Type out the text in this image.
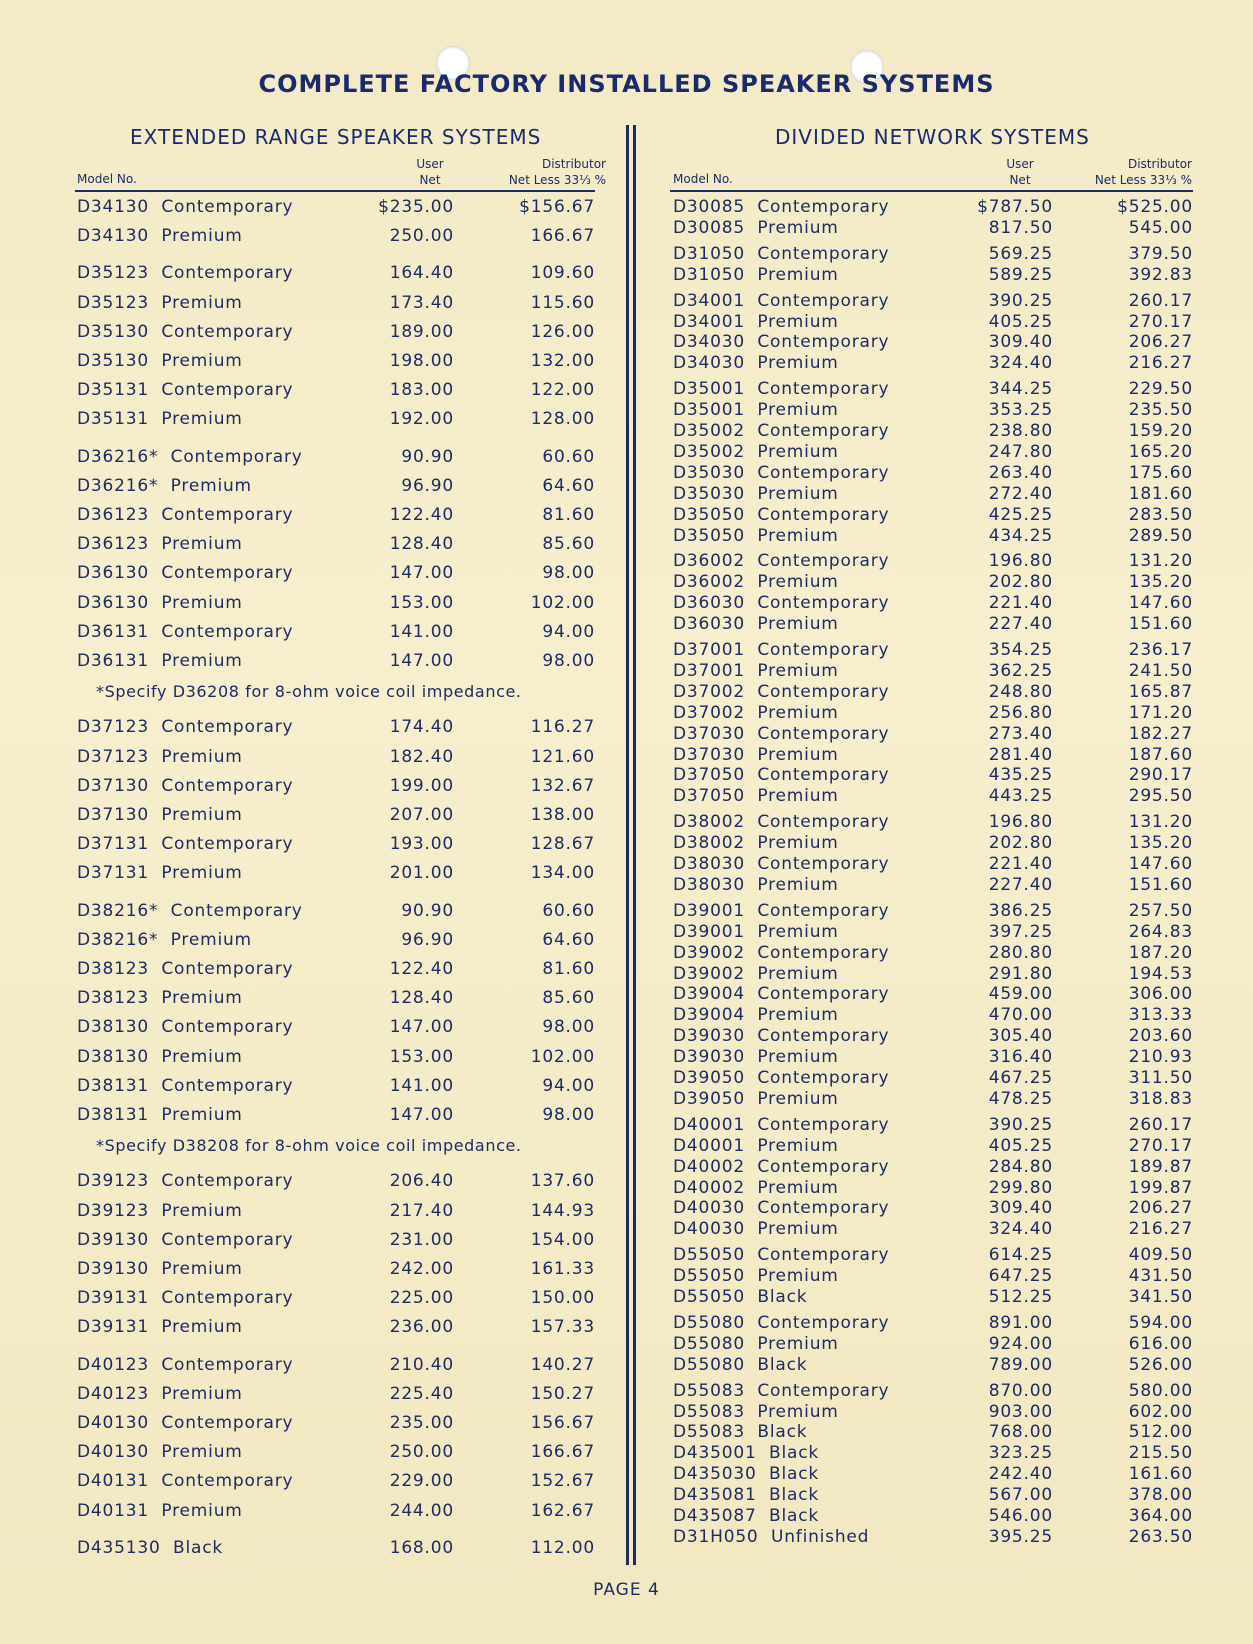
COMPLETE FACTORY INSTALLED SPEAKER SYSTEMS
EXTENDED RANGE SPEAKER SYSTEMS
Model No.
User
Net
Distributor
Net Less 33⅓ %
D34130  Contemporary	$235.00	$156.67
D34130  Premium	250.00	166.67
D35123  Contemporary	164.40	109.60
D35123  Premium	173.40	115.60
D35130  Contemporary	189.00	126.00
D35130  Premium	198.00	132.00
D35131  Contemporary	183.00	122.00
D35131  Premium	192.00	128.00
D36216*  Contemporary	90.90	60.60
D36216*  Premium	96.90	64.60
D36123  Contemporary	122.40	81.60
D36123  Premium	128.40	85.60
D36130  Contemporary	147.00	98.00
D36130  Premium	153.00	102.00
D36131  Contemporary	141.00	94.00
D36131  Premium	147.00	98.00
*Specify D36208 for 8-ohm voice coil impedance.
D37123  Contemporary	174.40	116.27
D37123  Premium	182.40	121.60
D37130  Contemporary	199.00	132.67
D37130  Premium	207.00	138.00
D37131  Contemporary	193.00	128.67
D37131  Premium	201.00	134.00
D38216*  Contemporary	90.90	60.60
D38216*  Premium	96.90	64.60
D38123  Contemporary	122.40	81.60
D38123  Premium	128.40	85.60
D38130  Contemporary	147.00	98.00
D38130  Premium	153.00	102.00
D38131  Contemporary	141.00	94.00
D38131  Premium	147.00	98.00
*Specify D38208 for 8-ohm voice coil impedance.
D39123  Contemporary	206.40	137.60
D39123  Premium	217.40	144.93
D39130  Contemporary	231.00	154.00
D39130  Premium	242.00	161.33
D39131  Contemporary	225.00	150.00
D39131  Premium	236.00	157.33
D40123  Contemporary	210.40	140.27
D40123  Premium	225.40	150.27
D40130  Contemporary	235.00	156.67
D40130  Premium	250.00	166.67
D40131  Contemporary	229.00	152.67
D40131  Premium	244.00	162.67
D435130  Black	168.00	112.00
DIVIDED NETWORK SYSTEMS
Model No.
User
Net
Distributor
Net Less 33⅓ %
D30085  Contemporary	$787.50	$525.00
D30085  Premium	817.50	545.00
D31050  Contemporary	569.25	379.50
D31050  Premium	589.25	392.83
D34001  Contemporary	390.25	260.17
D34001  Premium	405.25	270.17
D34030  Contemporary	309.40	206.27
D34030  Premium	324.40	216.27
D35001  Contemporary	344.25	229.50
D35001  Premium	353.25	235.50
D35002  Contemporary	238.80	159.20
D35002  Premium	247.80	165.20
D35030  Contemporary	263.40	175.60
D35030  Premium	272.40	181.60
D35050  Contemporary	425.25	283.50
D35050  Premium	434.25	289.50
D36002  Contemporary	196.80	131.20
D36002  Premium	202.80	135.20
D36030  Contemporary	221.40	147.60
D36030  Premium	227.40	151.60
D37001  Contemporary	354.25	236.17
D37001  Premium	362.25	241.50
D37002  Contemporary	248.80	165.87
D37002  Premium	256.80	171.20
D37030  Contemporary	273.40	182.27
D37030  Premium	281.40	187.60
D37050  Contemporary	435.25	290.17
D37050  Premium	443.25	295.50
D38002  Contemporary	196.80	131.20
D38002  Premium	202.80	135.20
D38030  Contemporary	221.40	147.60
D38030  Premium	227.40	151.60
D39001  Contemporary	386.25	257.50
D39001  Premium	397.25	264.83
D39002  Contemporary	280.80	187.20
D39002  Premium	291.80	194.53
D39004  Contemporary	459.00	306.00
D39004  Premium	470.00	313.33
D39030  Contemporary	305.40	203.60
D39030  Premium	316.40	210.93
D39050  Contemporary	467.25	311.50
D39050  Premium	478.25	318.83
D40001  Contemporary	390.25	260.17
D40001  Premium	405.25	270.17
D40002  Contemporary	284.80	189.87
D40002  Premium	299.80	199.87
D40030  Contemporary	309.40	206.27
D40030  Premium	324.40	216.27
D55050  Contemporary	614.25	409.50
D55050  Premium	647.25	431.50
D55050  Black	512.25	341.50
D55080  Contemporary	891.00	594.00
D55080  Premium	924.00	616.00
D55080  Black	789.00	526.00
D55083  Contemporary	870.00	580.00
D55083  Premium	903.00	602.00
D55083  Black	768.00	512.00
D435001  Black	323.25	215.50
D435030  Black	242.40	161.60
D435081  Black	567.00	378.00
D435087  Black	546.00	364.00
D31H050  Unfinished	395.25	263.50
PAGE 4
